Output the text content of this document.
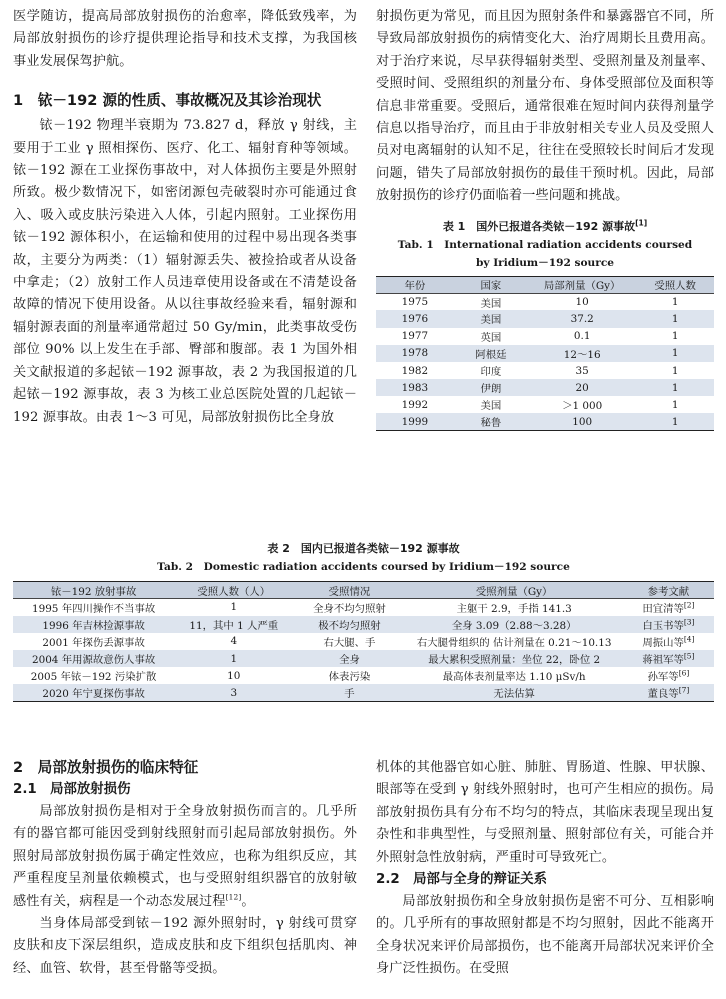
医学随访，提高局部放射损伤的治愈率，降低致残率，为局部放射损伤的诊疗提供理论指导和技术支撑，为我国核事业发展保驾护航。

1　铱－192 源的性质、事故概况及其诊治现状

铱－192 物理半衰期为 73.827 d，释放 γ 射线，主要用于工业 γ 照相探伤、医疗、化工、辐射育种等领域。铱－192 源在工业探伤事故中，对人体损伤主要是外照射所致。极少数情况下，如密闭源包壳破裂时亦可能通过食入、吸入或皮肤污染进入人体，引起内照射。工业探伤用铱－192 源体积小，在运输和使用的过程中易出现各类事故，主要分为两类：（1）辐射源丢失、被捡拾或者从设备中拿走；（2）放射工作人员违章使用设备或在不清楚设备故障的情况下使用设备。从以往事故经验来看，辐射源和辐射源表面的剂量率通常超过 50 Gy/min，此类事故受伤部位 90% 以上发生在手部、臀部和腹部。表 1 为国外相关文献报道的多起铱－192 源事故，表 2 为我国报道的几起铱－192 源事故，表 3 为核工业总医院处置的几起铱－192 源事故。由表 1～3 可见，局部放射损伤比全身放

射损伤更为常见，而且因为照射条件和暴露器官不同，所导致局部放射损伤的病情变化大、治疗周期长且费用高。对于治疗来说，尽早获得辐射类型、受照剂量及剂量率、受照时间、受照组织的剂量分布、身体受照部位及面积等信息非常重要。受照后，通常很难在短时间内获得剂量学信息以指导治疗，而且由于非放射相关专业人员及受照人员对电离辐射的认知不足，往往在受照较长时间后才发现问题，错失了局部放射损伤的最佳干预时机。因此，局部放射损伤的诊疗仍面临着一些问题和挑战。

表 1　国外已报道各类铱－192 源事故[1]
Tab. 1　International radiation accidents coursed
by Iridium－192 source
年份	国家	局部剂量（Gy）	受照人数
1975	美国	10	1
1976	美国	37.2	1
1977	英国	0.1	1
1978	阿根廷	12～16	1
1982	印度	35	1
1983	伊朗	20	1
1992	美国	＞1 000	1
1999	秘鲁	100	1
表 2　国内已报道各类铱－192 源事故
Tab. 2　Domestic radiation accidents coursed by Iridium－192 source
铱－192 放射事故	受照人数（人）	受照情况	受照剂量（Gy）	参考文献
1995 年四川操作不当事故	1	全身不均匀照射	主躯干 2.9，手指 141.3	田宜清等[2]
1996 年吉林捡源事故	11，其中 1 人严重	极不均匀照射	全身 3.09（2.88～3.28）	白玉书等[3]
2001 年探伤丢源事故	4	右大腿、手	右大腿骨组织的 估计剂量在 0.21～10.13	周振山等[4]
2004 年用源故意伤人事故	1	全身	最大累积受照剂量：坐位 22，卧位 2	蒋祖军等[5]
2005 年铱－192 污染扩散	10	体表污染	最高体表剂量率达 1.10 μSv/h	孙军等[6]
2020 年宁夏探伤事故	3	手	无法估算	董良等[7]
2　局部放射损伤的临床特征
2.1　局部放射损伤

局部放射损伤是相对于全身放射损伤而言的。几乎所有的器官都可能因受到射线照射而引起局部放射损伤。外照射局部放射损伤属于确定性效应，也称为组织反应，其严重程度呈剂量依赖模式，也与受照射组织器官的放射敏感性有关，病程是一个动态发展过程[12]。

当身体局部受到铱－192 源外照射时，γ 射线可贯穿皮肤和皮下深层组织，造成皮肤和皮下组织包括肌肉、神经、血管、软骨，甚至骨骼等受损。

机体的其他器官如心脏、肺脏、胃肠道、性腺、甲状腺、眼部等在受到 γ 射线外照射时，也可产生相应的损伤。局部放射损伤具有分布不均匀的特点，其临床表现呈现出复杂性和非典型性，与受照剂量、照射部位有关，可能合并外照射急性放射病，严重时可导致死亡。

2.2　局部与全身的辩证关系

局部放射损伤和全身放射损伤是密不可分、互相影响的。几乎所有的事故照射都是不均匀照射，因此不能离开全身状况来评价局部损伤，也不能离开局部状况来评价全身广泛性损伤。在受照
